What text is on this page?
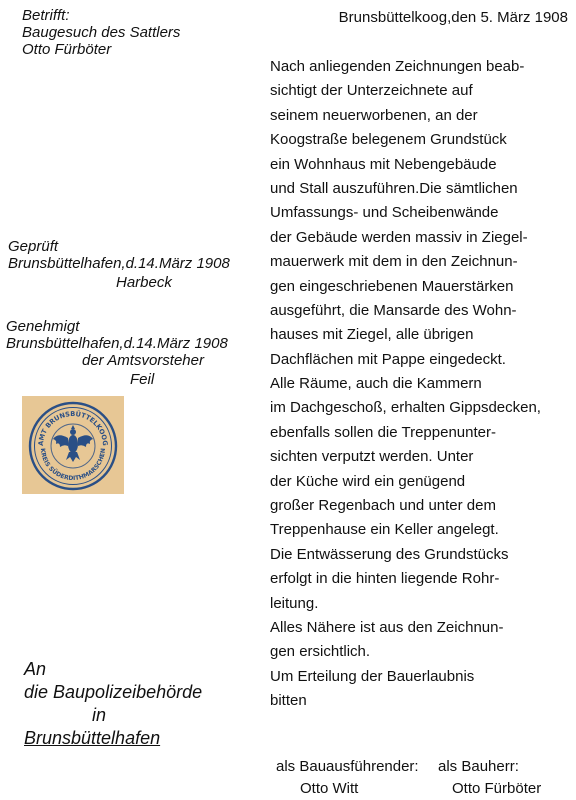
Betrifft:
Baugesuch des Sattlers
Otto Fürböter
Brunsbüttelkoog,den 5. März 1908
Geprüft
Brunsbüttelhafen,d.14.März 1908
Harbeck
Genehmigt
Brunsbüttelhafen,d.14.März 1908
der Amtsvorsteher
Feil
AMT BRUNSBÜTTELKOOG
KREIS SÜDERDITHMARSCHEN
Nach anliegenden Zeichnungen beab-
sichtigt der Unterzeichnete auf
seinem neuerworbenen, an der
Koogstraße belegenem Grundstück
ein Wohnhaus mit Nebengebäude
und Stall auszuführen.Die sämtlichen
Umfassungs- und Scheibenwände
der Gebäude werden massiv in Ziegel-
mauerwerk mit dem in den Zeichnun-
gen eingeschriebenen Mauerstärken
ausgeführt, die Mansarde des Wohn-
hauses mit Ziegel, alle übrigen
Dachflächen mit Pappe eingedeckt.
Alle Räume, auch die Kammern
im Dachgeschoß, erhalten Gippsdecken,
ebenfalls sollen die Treppenunter-
sichten verputzt werden. Unter
der Küche wird ein genügend
großer Regenbach und unter dem
Treppenhause ein Keller angelegt.
Die Entwässerung des Grundstücks
erfolgt in die hinten liegende Rohr-
leitung.
Alles Nähere ist aus den Zeichnun-
gen ersichtlich.
Um Erteilung der Bauerlaubnis
bitten
An
die Baupolizeibehörde
in
Brunsbüttelhafen
als Bauausführender:
Otto Witt
als Bauherr:
Otto Fürböter
